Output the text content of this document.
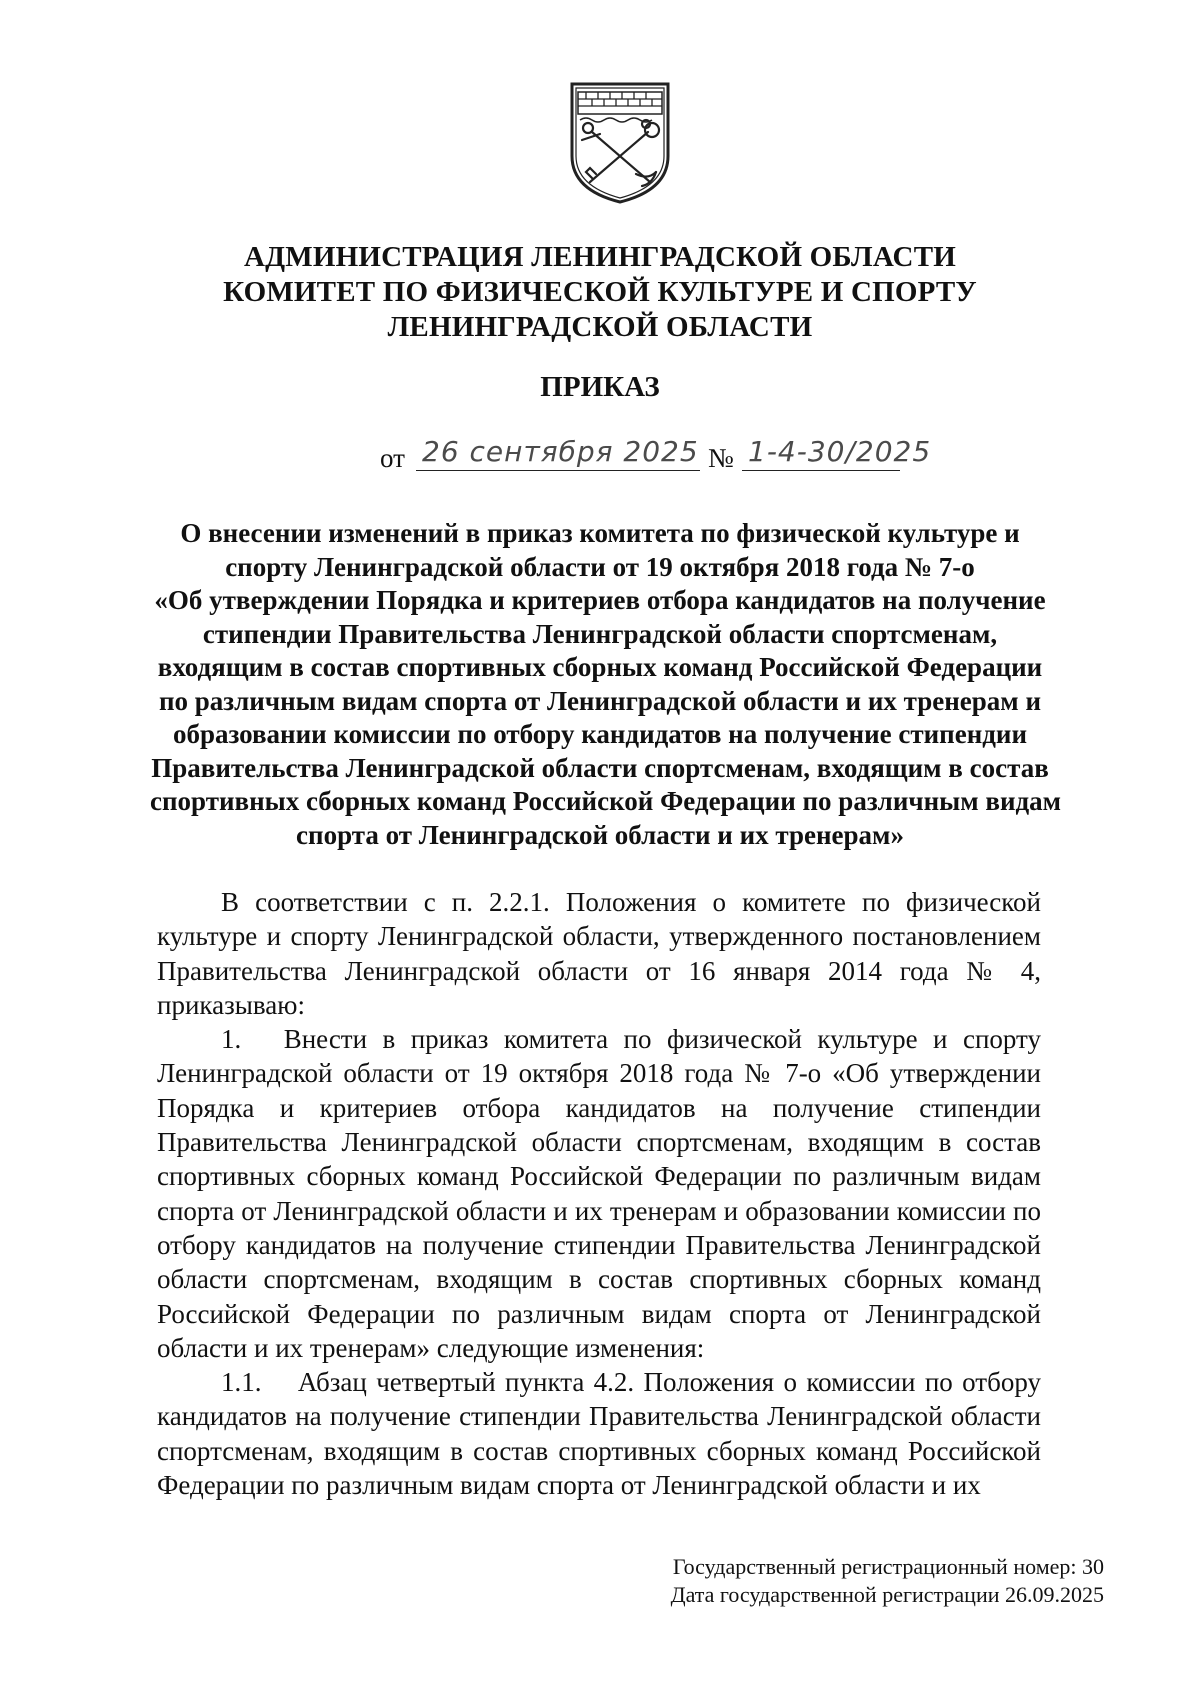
АДМИНИСТРАЦИЯ ЛЕНИНГРАДСКОЙ ОБЛАСТИ
КОМИТЕТ ПО ФИЗИЧЕСКОЙ КУЛЬТУРЕ И СПОРТУ
ЛЕНИНГРАДСКОЙ ОБЛАСТИ
ПРИКАЗ
от 26 сентября 2025 № 1-4-30/2025
О внесении изменений в приказ комитета по физической культуре и
спорту Ленинградской области от 19 октября 2018 года № 7-о
«Об утверждении Порядка и критериев отбора кандидатов на получение
стипендии Правительства Ленинградской области спортсменам,
входящим в состав спортивных сборных команд Российской Федерации
по различным видам спорта от Ленинградской области и их тренерам и
образовании комиссии по отбору кандидатов на получение стипендии
Правительства Ленинградской области спортсменам, входящим в состав
спортивных сборных команд Российской Федерации по различным видам
спорта от Ленинградской области и их тренерам»

В соответствии с п. 2.2.1. Положения о комитете по физической культуре и спорту Ленинградской области, утвержденного постановлением Правительства Ленинградской области от 16 января 2014 года № 4, приказываю:

1.  Внести в приказ комитета по физической культуре и спорту Ленинградской области от 19 октября 2018 года № 7-о «Об утверждении Порядка и критериев отбора кандидатов на получение стипендии Правительства Ленинградской области спортсменам, входящим в состав спортивных сборных команд Российской Федерации по различным видам спорта от Ленинградской области и их тренерам и образовании комиссии по отбору кандидатов на получение стипендии Правительства Ленинградской области спортсменам, входящим в состав спортивных сборных команд Российской Федерации по различным видам спорта от Ленинградской области и их тренерам» следующие изменения:

1.1.  Абзац четвертый пункта 4.2. Положения о комиссии по отбору кандидатов на получение стипендии Правительства Ленинградской области спортсменам, входящим в состав спортивных сборных команд Российской Федерации по различным видам спорта от Ленинградской области и их

Государственный регистрационный номер: 30
Дата государственной регистрации 26.09.2025
